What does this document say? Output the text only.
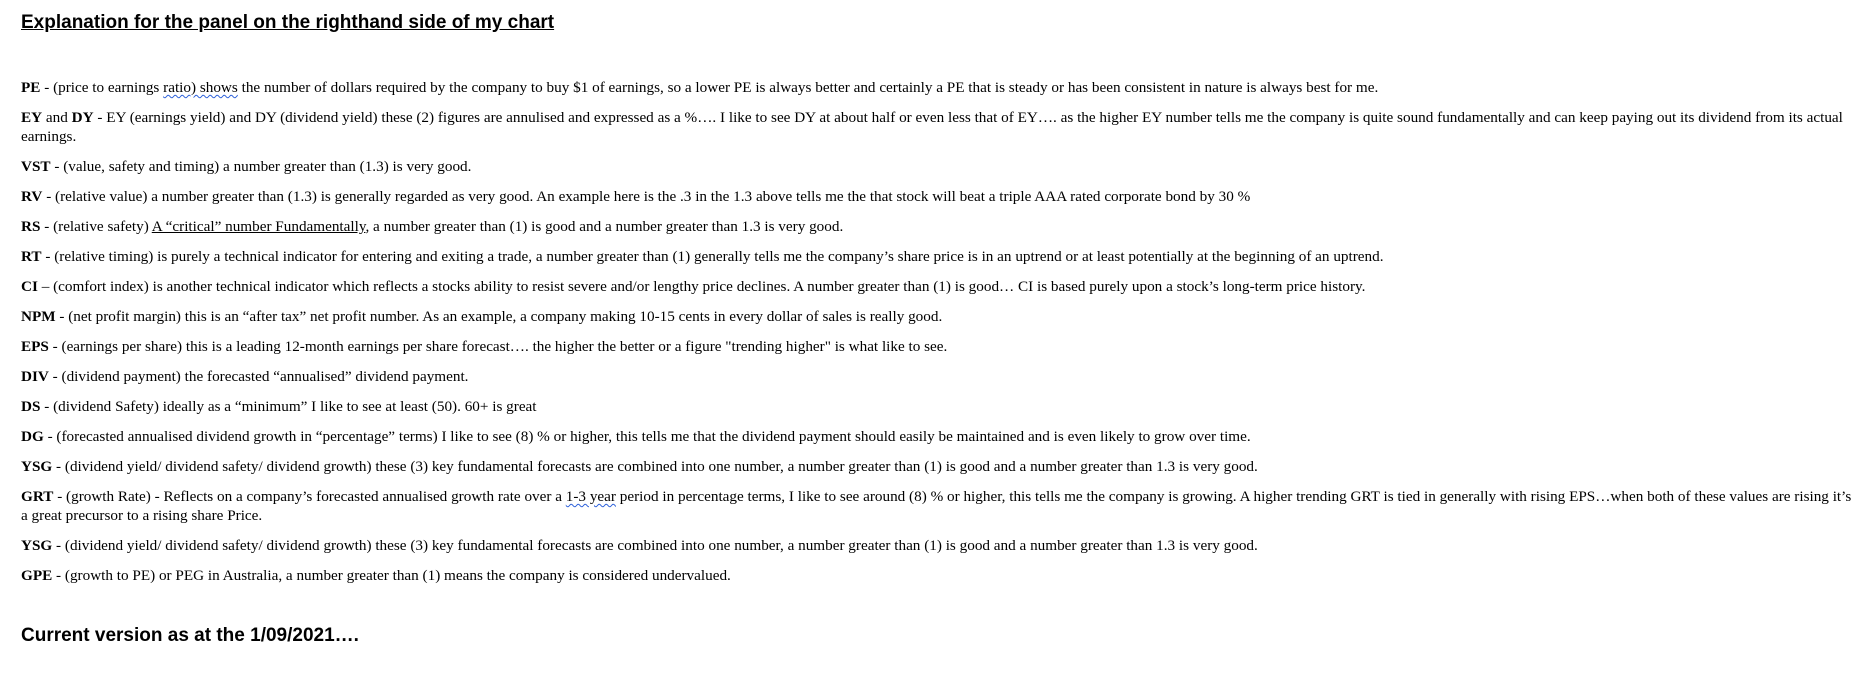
Explanation for the panel on the righthand side of my chart
PE - (price to earnings ratio) shows the number of dollars required by the company to buy $1 of earnings, so a lower PE is always better and certainly a PE that is steady or has been consistent in nature is always best for me.
EY and DY - EY (earnings yield) and DY (dividend yield) these (2) figures are annulised and expressed as a %…. I like to see DY at about half or even less that of EY…. as the higher EY number tells me the company is quite sound fundamentally and can keep paying out its dividend from its actual earnings.
VST - (value, safety and timing) a number greater than (1.3) is very good.
RV - (relative value) a number greater than (1.3) is generally regarded as very good. An example here is the .3 in the 1.3 above tells me the that stock will beat a triple AAA rated corporate bond by 30 %
RS - (relative safety) A “critical” number Fundamentally, a number greater than (1) is good and a number greater than 1.3 is very good.
RT - (relative timing) is purely a technical indicator for entering and exiting a trade, a number greater than (1) generally tells me the company’s share price is in an uptrend or at least potentially at the beginning of an uptrend.
CI – (comfort index) is another technical indicator which reflects a stocks ability to resist severe and/or lengthy price declines. A number greater than (1) is good… CI is based purely upon a stock’s long-term price history.
NPM - (net profit margin) this is an “after tax” net profit number. As an example, a company making 10-15 cents in every dollar of sales is really good.
EPS - (earnings per share) this is a leading 12-month earnings per share forecast…. the higher the better or a figure "trending higher" is what like to see.
DIV - (dividend payment) the forecasted “annualised” dividend payment.
DS - (dividend Safety) ideally as a “minimum” I like to see at least (50). 60+ is great
DG - (forecasted annualised dividend growth in “percentage” terms) I like to see (8) % or higher, this tells me that the dividend payment should easily be maintained and is even likely to grow over time.
YSG - (dividend yield/ dividend safety/ dividend growth) these (3) key fundamental forecasts are combined into one number, a number greater than (1) is good and a number greater than 1.3 is very good.
GRT - (growth Rate) - Reflects on a company’s forecasted annualised growth rate over a 1-3 year period in percentage terms, I like to see around (8) % or higher, this tells me the company is growing. A higher trending GRT is tied in generally with rising EPS…when both of these values are rising it’s a great precursor to a rising share Price.
YSG - (dividend yield/ dividend safety/ dividend growth) these (3) key fundamental forecasts are combined into one number, a number greater than (1) is good and a number greater than 1.3 is very good.
GPE - (growth to PE) or PEG in Australia, a number greater than (1) means the company is considered undervalued.
Current version as at the 1/09/2021….
